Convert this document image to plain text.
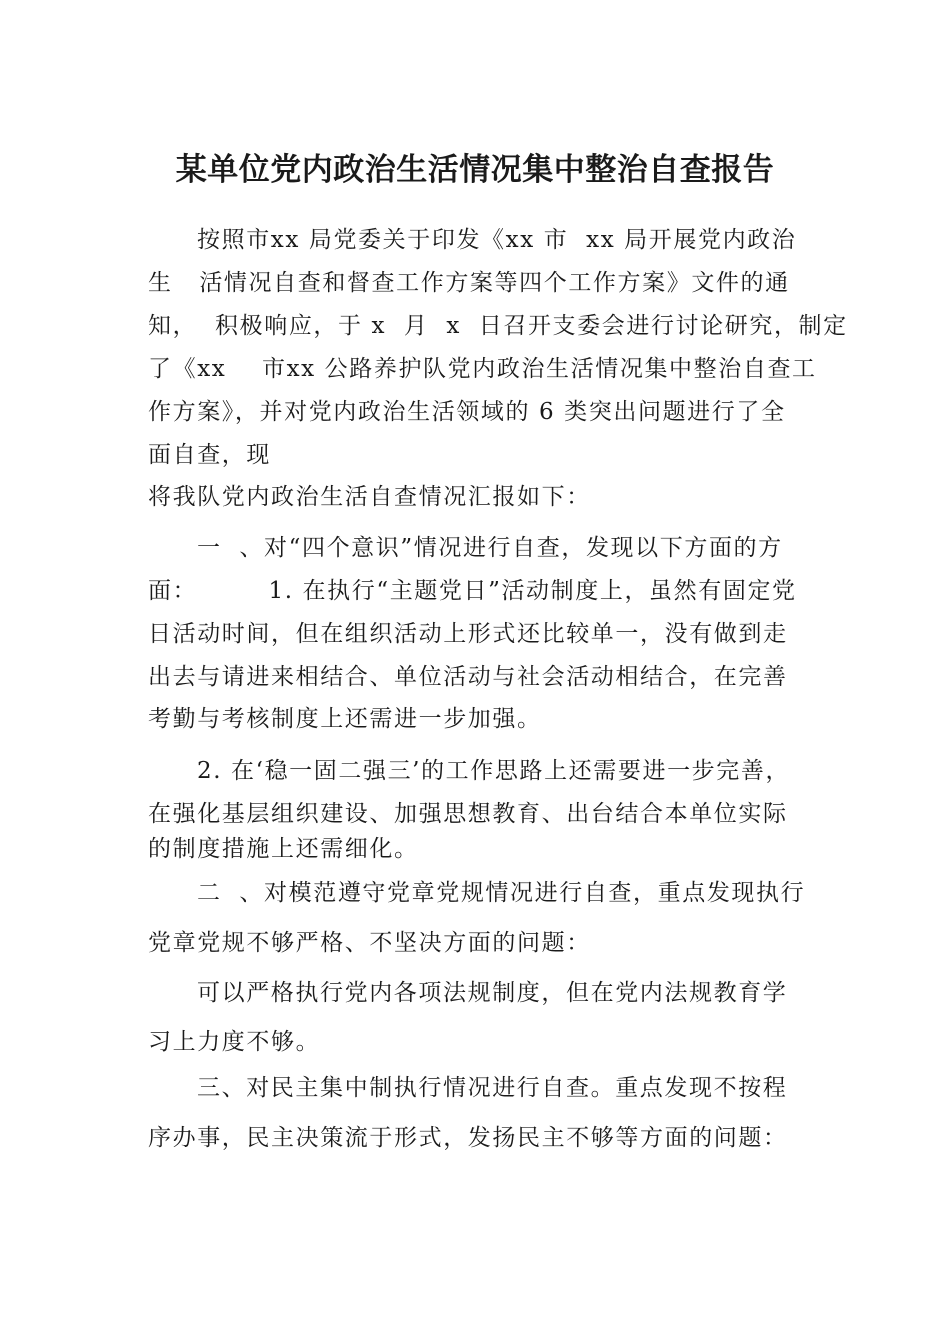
某单位党内政治生活情况集中整治自查报告
按照市xx 局党委关于印发《xx 市  xx 局开展党内政治
生   活情况自查和督查工作方案等四个工作方案》文件的通
知，  积极响应，于 x  月  x  日召开支委会进行讨论研究，制定
了《xx    市xx 公路养护队党内政治生活情况集中整治自查工
作方案》，并对党内政治生活领域的 6 类突出问题进行了全
面自查，现
将我队党内政治生活自查情况汇报如下：
一  、对“四个意识”情况进行自查，发现以下方面的方
面：        1. 在执行“主题党日”活动制度上，虽然有固定党
日活动时间，但在组织活动上形式还比较单一，没有做到走
出去与请进来相结合、单位活动与社会活动相结合，在完善
考勤与考核制度上还需进一步加强。
2. 在‘稳一固二强三’的工作思路上还需要进一步完善，
在强化基层组织建设、加强思想教育、出台结合本单位实际
的制度措施上还需细化。
二  、对模范遵守党章党规情况进行自查，重点发现执行
党章党规不够严格、不坚决方面的问题：
可以严格执行党内各项法规制度，但在党内法规教育学
习上力度不够。
三、对民主集中制执行情况进行自查。重点发现不按程
序办事，民主决策流于形式，发扬民主不够等方面的问题：
